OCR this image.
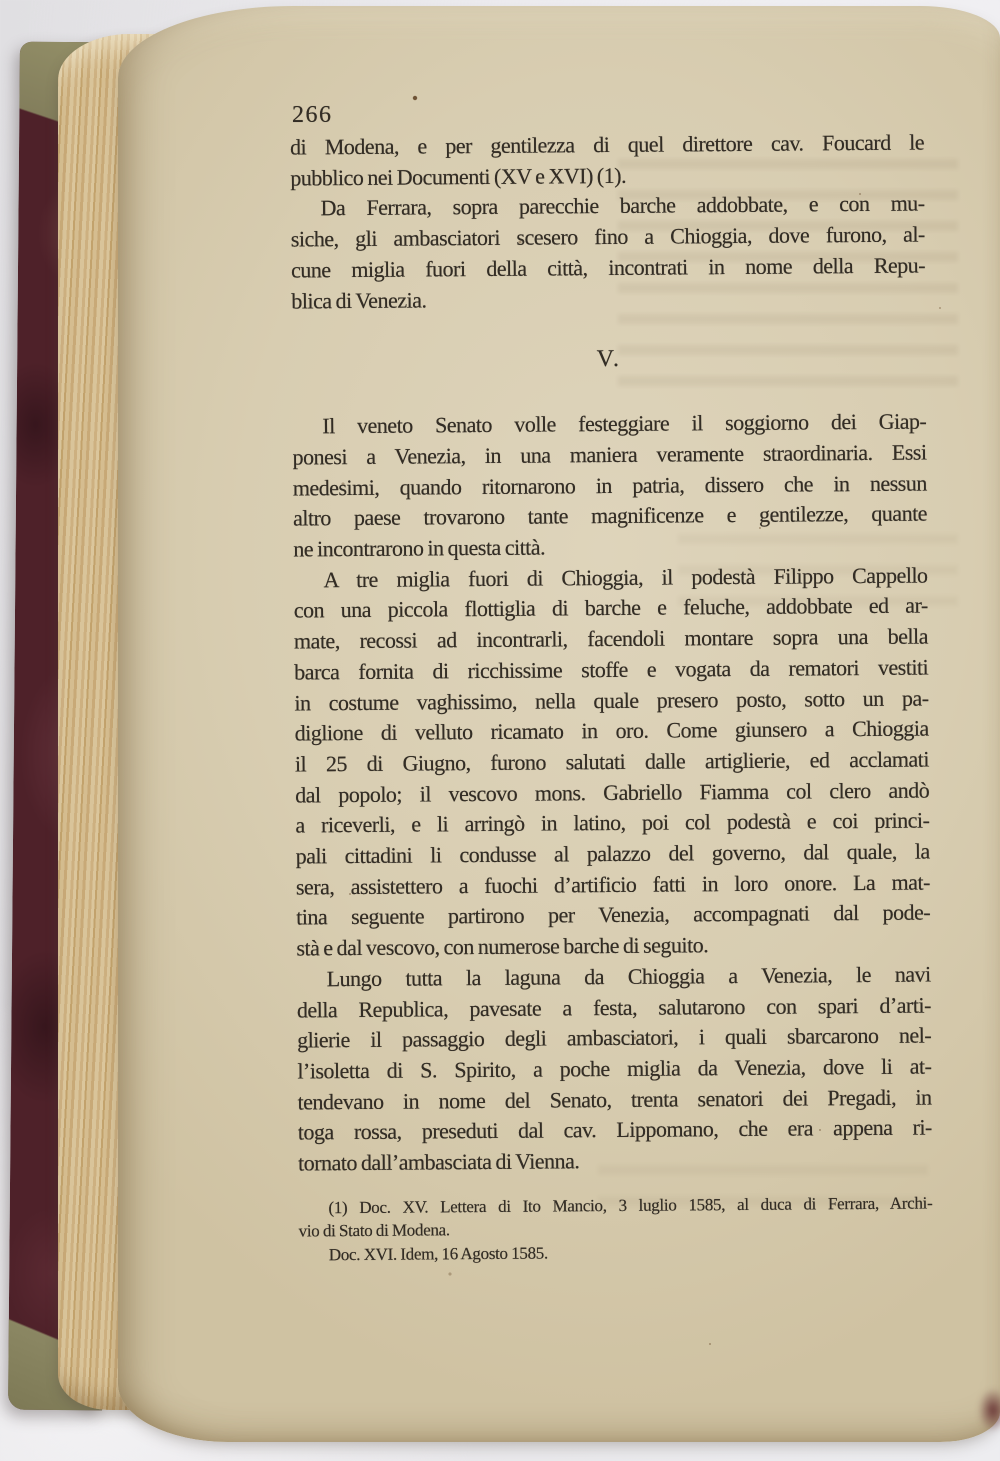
266
di Modena, e per gentilezza di quel direttore cav. Foucard le
pubblico nei Documenti (XV e XVI) (1).
Da Ferrara, sopra parecchie barche addobbate, e con mu-
siche, gli ambasciatori scesero fino a Chioggia, dove furono, al-
cune miglia fuori della città, incontrati in nome della Repu-
blica di Venezia.
V.
Il veneto Senato volle festeggiare il soggiorno dei Giap-
ponesi a Venezia, in una maniera veramente straordinaria. Essi
medesimi, quando ritornarono in patria, dissero che in nessun
altro paese trovarono tante magnificenze e gentilezze, quante
ne incontrarono in questa città.
A tre miglia fuori di Chioggia, il podestà Filippo Cappello
con una piccola flottiglia di barche e feluche, addobbate ed ar-
mate, recossi ad incontrarli, facendoli montare sopra una bella
barca fornita di ricchissime stoffe e vogata da rematori vestiti
in costume vaghissimo, nella quale presero posto, sotto un pa-
diglione di velluto ricamato in oro. Come giunsero a Chioggia
il 25 di Giugno, furono salutati dalle artiglierie, ed acclamati
dal popolo; il vescovo mons. Gabriello Fiamma col clero andò
a riceverli, e li arringò in latino, poi col podestà e coi princi-
pali cittadini li condusse al palazzo del governo, dal quale, la
sera, assistettero a fuochi d’artificio fatti in loro onore. La mat-
tina seguente partirono per Venezia, accompagnati dal pode-
stà e dal vescovo, con numerose barche di seguito.
Lungo tutta la laguna da Chioggia a Venezia, le navi
della Republica, pavesate a festa, salutarono con spari d’arti-
glierie il passaggio degli ambasciatori, i quali sbarcarono nel-
l’isoletta di S. Spirito, a poche miglia da Venezia, dove li at-
tendevano in nome del Senato, trenta senatori dei Pregadi, in
toga rossa, preseduti dal cav. Lippomano, che era appena ri-
tornato dall’ambasciata di Vienna.
(1) Doc. XV. Lettera di Ito Mancio, 3 luglio 1585, al duca di Ferrara, Archi-
vio di Stato di Modena.
Doc. XVI. Idem, 16 Agosto 1585.
